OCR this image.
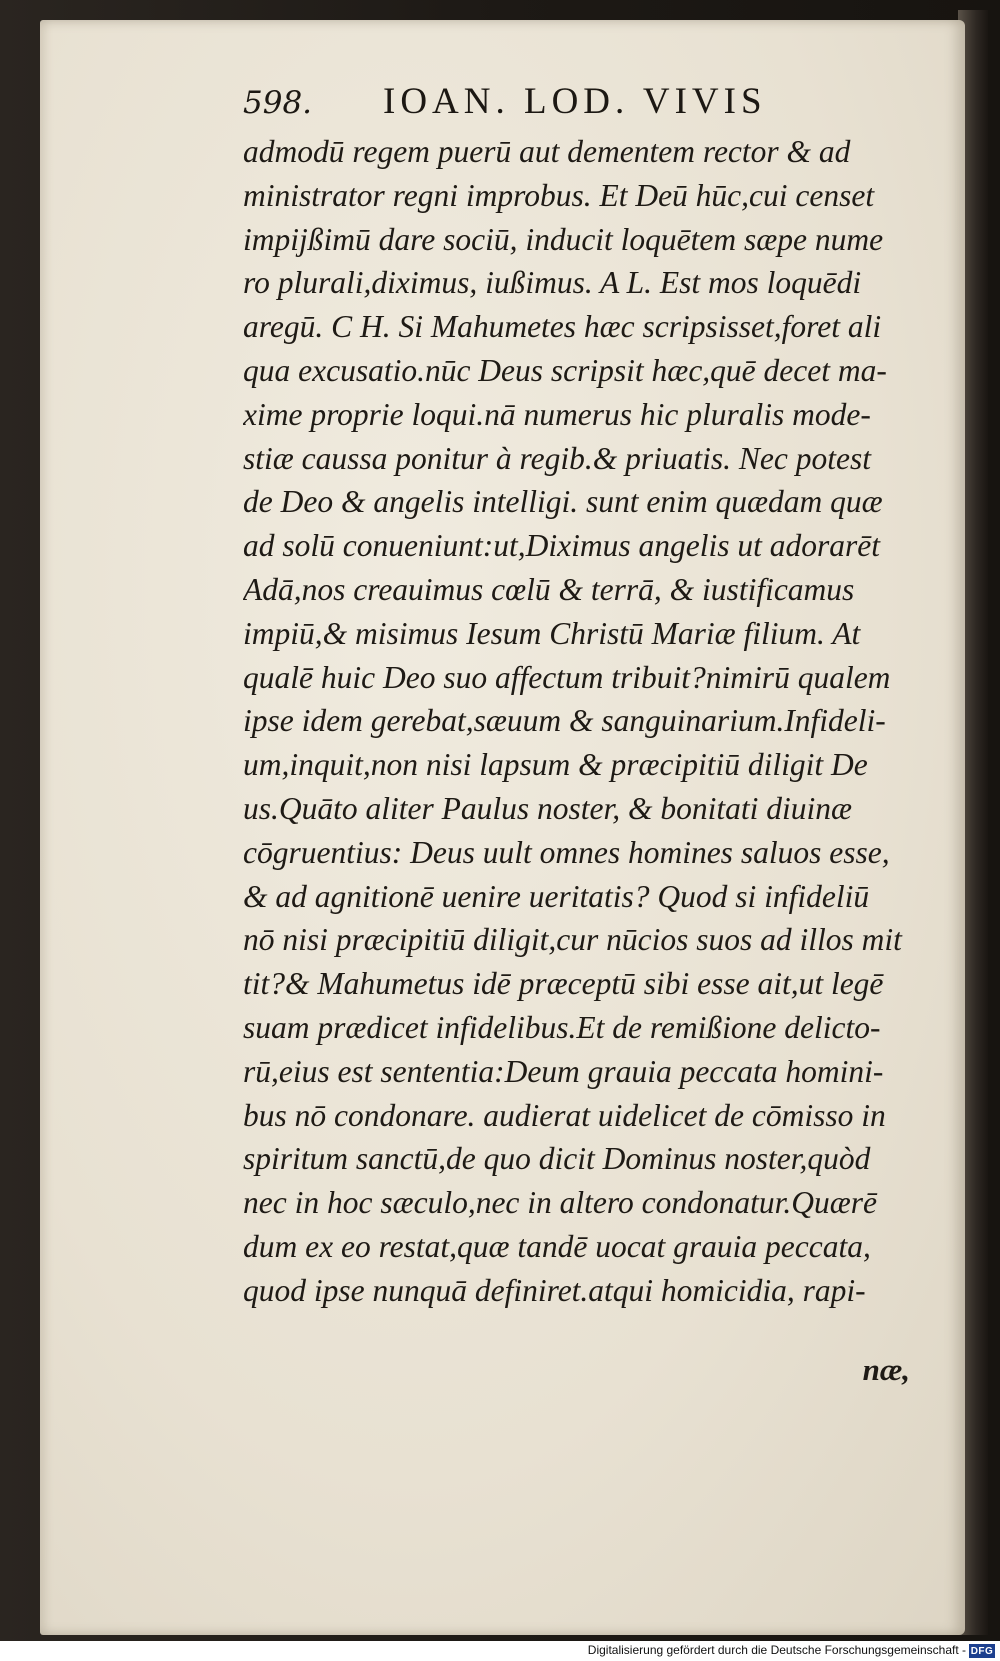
598.	IOAN. LOD. VIVIS
admodū regem puerū aut dementem rector & ad
ministrator regni improbus. Et Deū hūc,cui censet
impijßimū dare sociū, inducit loquētem sæpe nume
ro plurali,diximus, iußimus. A L. Est mos loquēdi
aregū. C H. Si Mahumetes hæc scripsisset,foret ali
qua excusatio.nūc Deus scripsit hæc,quē decet ma-
xime proprie loqui.nā numerus hic pluralis mode-
stiæ caussa ponitur à regib.& priuatis. Nec potest
de Deo & angelis intelligi. sunt enim quædam quæ
ad solū conueniunt:ut,Diximus angelis ut adorarēt
Adā,nos creauimus cœlū & terrā, & iustificamus
impiū,& misimus Iesum Christū Mariæ filium. At
qualē huic Deo suo affectum tribuit?nimirū qualem
ipse idem gerebat,sæuum & sanguinarium.Infideli-
um,inquit,non nisi lapsum & præcipitiū diligit De
us.Quāto aliter Paulus noster, & bonitati diuinæ
cōgruentius: Deus uult omnes homines saluos esse,
& ad agnitionē uenire ueritatis? Quod si infideliū
nō nisi præcipitiū diligit,cur nūcios suos ad illos mit
tit?& Mahumetus idē præceptū sibi esse ait,ut legē
suam prædicet infidelibus.Et de remißione delicto-
rū,eius est sententia:Deum grauia peccata homini-
bus nō condonare. audierat uidelicet de cōmisso in
spiritum sanctū,de quo dicit Dominus noster,quòd
nec in hoc sæculo,nec in altero condonatur.Quærē
dum ex eo restat,quæ tandē uocat grauia peccata,
quod ipse nunquā definiret.atqui homicidia, rapi-
næ,
Digitalisierung gefördert durch die Deutsche Forschungsgemeinschaft - DFG
